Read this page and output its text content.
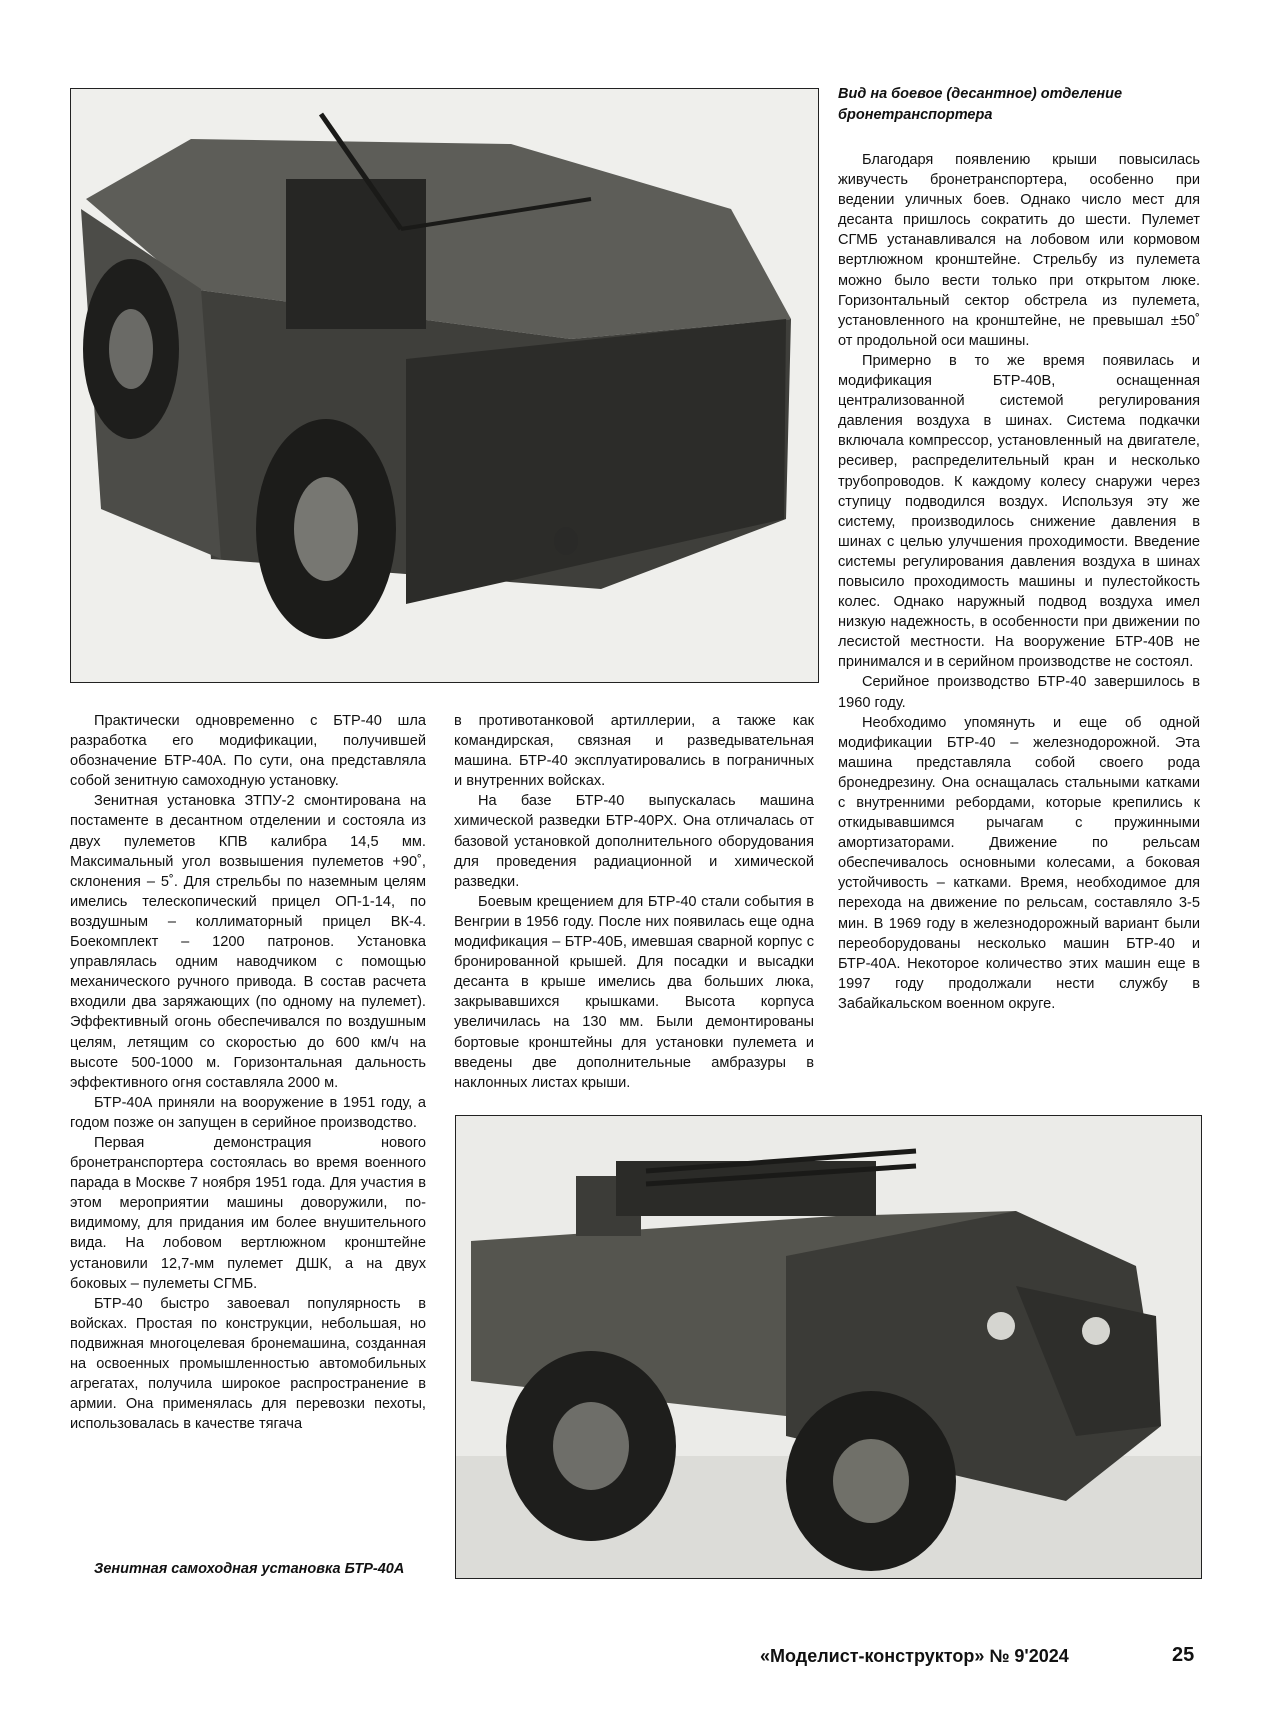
Вид на боевое (десантное) отделение бронетранспортера

Благодаря появлению крыши повысилась живучесть бронетранспортера, особенно при ведении уличных боев. Однако число мест для десанта пришлось сократить до шести. Пулемет СГМБ устанавливался на лобовом или кормовом вертлюжном кронштейне. Стрельбу из пулемета можно было вести только при открытом люке. Горизонтальный сектор обстрела из пулемета, установленного на кронштейне, не превышал ±50˚ от продольной оси машины.

Примерно в то же время появилась и модификация БТР-40В, оснащенная централизованной системой регулирования давления воздуха в шинах. Система подкачки включала компрессор, установленный на двигателе, ресивер, распределительный кран и несколько трубопроводов. К каждому колесу снаружи через ступицу подводился воздух. Используя эту же систему, производилось снижение давления в шинах с целью улучшения проходимости. Введение системы регулирования давления воздуха в шинах повысило проходимость машины и пулестойкость колес. Однако наружный подвод воздуха имел низкую надежность, в особенности при движении по лесистой местности. На вооружение БТР-40В не принимался и в серийном производстве не состоял.

Серийное производство БТР-40 завершилось в 1960 году.

Необходимо упомянуть и еще об одной модификации БТР-40 – железнодорожной. Эта машина представляла собой своего рода бронедрезину. Она оснащалась стальными катками с внутренними ребордами, которые крепились к откидывавшимся рычагам с пружинными амортизаторами. Движение по рельсам обеспечивалось основными колесами, а боковая устойчивость – катками. Время, необходимое для перехода на движение по рельсам, составляло 3-5 мин. В 1969 году в железнодорожный вариант были переоборудованы несколько машин БТР-40 и БТР-40А. Некоторое количество этих машин еще в 1997 году продолжали нести службу в Забайкальском военном округе.

Практически одновременно с БТР-40 шла разработка его модификации, получившей обозначение БТР-40А. По сути, она представляла собой зенитную самоходную установку.

Зенитная установка ЗТПУ-2 смонтирована на постаменте в десантном отделении и состояла из двух пулеметов КПВ калибра 14,5 мм. Максимальный угол возвышения пулеметов +90˚, склонения – 5˚. Для стрельбы по наземным целям имелись телескопический прицел ОП-1-14, по воздушным – коллиматорный прицел ВК-4. Боекомплект – 1200 патронов. Установка управлялась одним наводчиком с помощью механического ручного привода. В состав расчета входили два заряжающих (по одному на пулемет). Эффективный огонь обеспечивался по воздушным целям, летящим со скоростью до 600 км/ч на высоте 500-1000 м. Горизонтальная дальность эффективного огня составляла 2000 м.

БТР-40А приняли на вооружение в 1951 году, а годом позже он запущен в серийное производство.

Первая демонстрация нового бронетранспортера состоялась во время военного парада в Москве 7 ноября 1951 года. Для участия в этом мероприятии машины доворужили, по-видимому, для придания им более внушительного вида. На лобовом вертлюжном кронштейне установили 12,7-мм пулемет ДШК, а на двух боковых – пулеметы СГМБ.

БТР-40 быстро завоевал популярность в войсках. Простая по конструкции, небольшая, но подвижная многоцелевая бронемашина, созданная на освоенных промышленностью автомобильных агрегатах, получила широкое распространение в армии. Она применялась для перевозки пехоты, использовалась в качестве тягача

в противотанковой артиллерии, а также как командирская, связная и разведывательная машина. БТР-40 эксплуатировались в пограничных и внутренних войсках.

На базе БТР-40 выпускалась машина химической разведки БТР-40РХ. Она отличалась от базовой установкой дополнительного оборудования для проведения радиационной и химической разведки.

Боевым крещением для БТР-40 стали события в Венгрии в 1956 году. После них появилась еще одна модификация – БТР-40Б, имевшая сварной корпус с бронированной крышей. Для посадки и высадки десанта в крыше имелись два больших люка, закрывавшихся крышками. Высота корпуса увеличилась на 130 мм. Были демонтированы бортовые кронштейны для установки пулемета и введены две дополнительные амбразуры в наклонных листах крыши.

Зенитная самоходная установка БТР-40А
«Моделист-конструктор» № 9'2024	25
